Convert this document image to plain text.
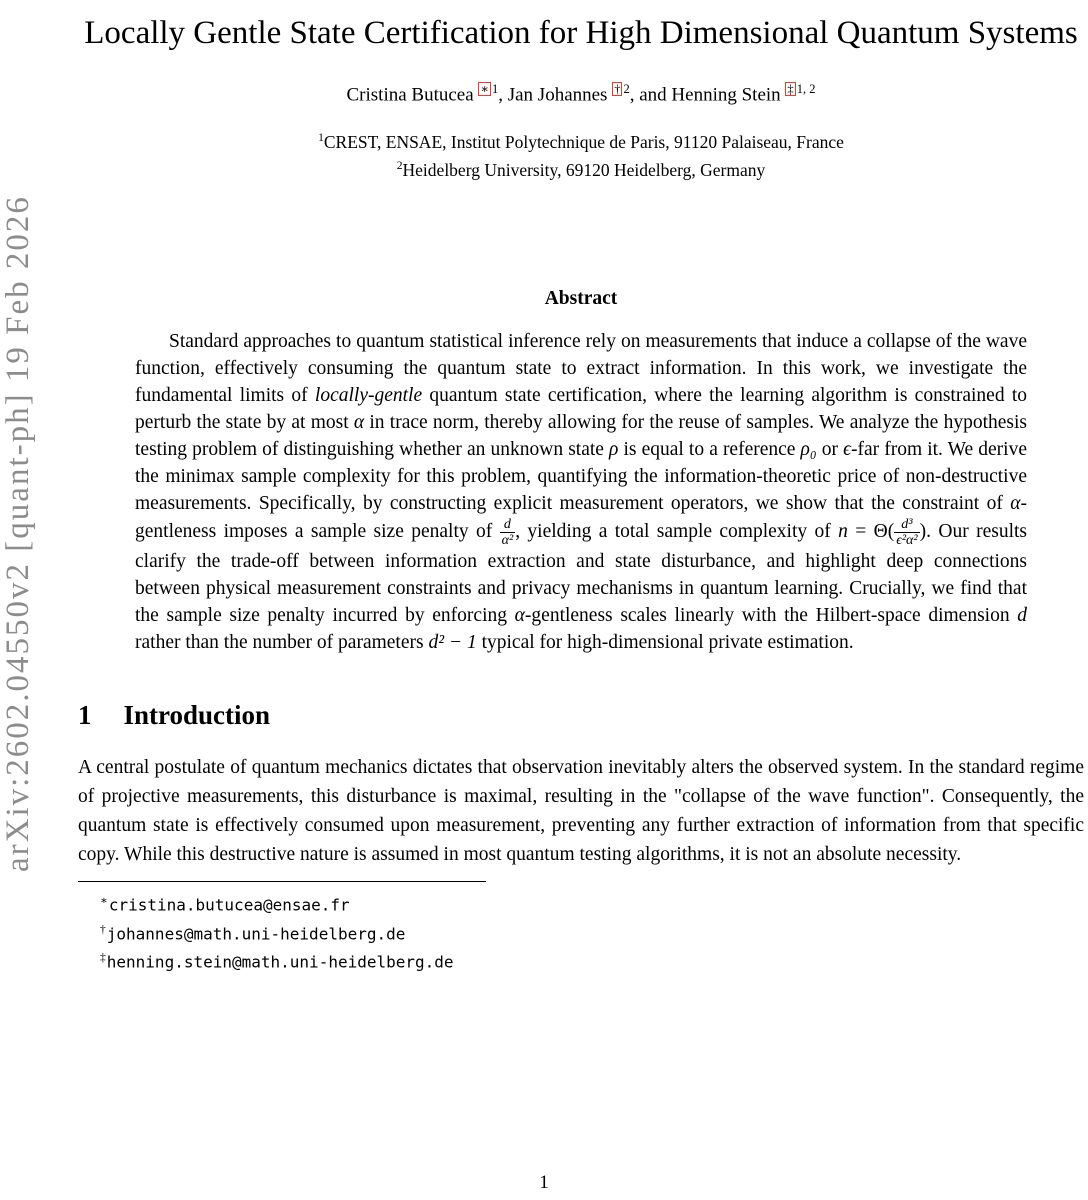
arXiv:2602.04550v2 [quant-ph] 19 Feb 2026
Locally Gentle State Certification for High Dimensional Quantum Systems
Cristina Butucea $^{∗ 1}$, Jan Johannes $^{\dagger 2}$, and Henning Stein $^{\ddagger 1, 2}$
$^1$CREST, ENSAE, Institut Polytechnique de Paris, 91120 Palaiseau, France
$^2$Heidelberg University, 69120 Heidelberg, Germany
Abstract

Standard approaches to quantum statistical inference rely on measurements that induce a collapse of the wave function, effectively consuming the quantum state to extract information. In this work, we investigate the fundamental limits of locally-gentle quantum state certification, where the learning algorithm is constrained to perturb the state by at most α in trace norm, thereby allowing for the reuse of samples. We analyze the hypothesis testing problem of distinguishing whether an unknown state ρ is equal to a reference ρ₀ or ϵ-far from it. We derive the minimax sample complexity for this problem, quantifying the information-theoretic price of non-destructive measurements. Specifically, by constructing explicit measurement operators, we show that the constraint of α-gentleness imposes a sample size penalty of $\frac{d}{\text{α²}}$ , yielding a total sample complexity of $n = \Theta( \frac{\text{d³}}{\text{ϵ²α²}}$ ). Our results clarify the trade-off between information extraction and state disturbance, and highlight deep connections between physical measurement constraints and privacy mechanisms in quantum learning. Crucially, we find that the sample size penalty incurred by enforcing α-gentleness scales linearly with the Hilbert-space dimension d rather than the number of parameters d² − 1 typical for high-dimensional private estimation.

1 Introduction

A central postulate of quantum mechanics dictates that observation inevitably alters the observed system. In the standard regime of projective measurements, this disturbance is maximal, resulting in the "collapse of the wave function". Consequently, the quantum state is effectively consumed upon measurement, preventing any further extraction of information from that specific copy. While this destructive nature is assumed in most quantum testing algorithms, it is not an absolute necessity.

∗cristina.butucea@ensae.fr
†johannes@math.uni-heidelberg.de
‡henning.stein@math.uni-heidelberg.de
1
